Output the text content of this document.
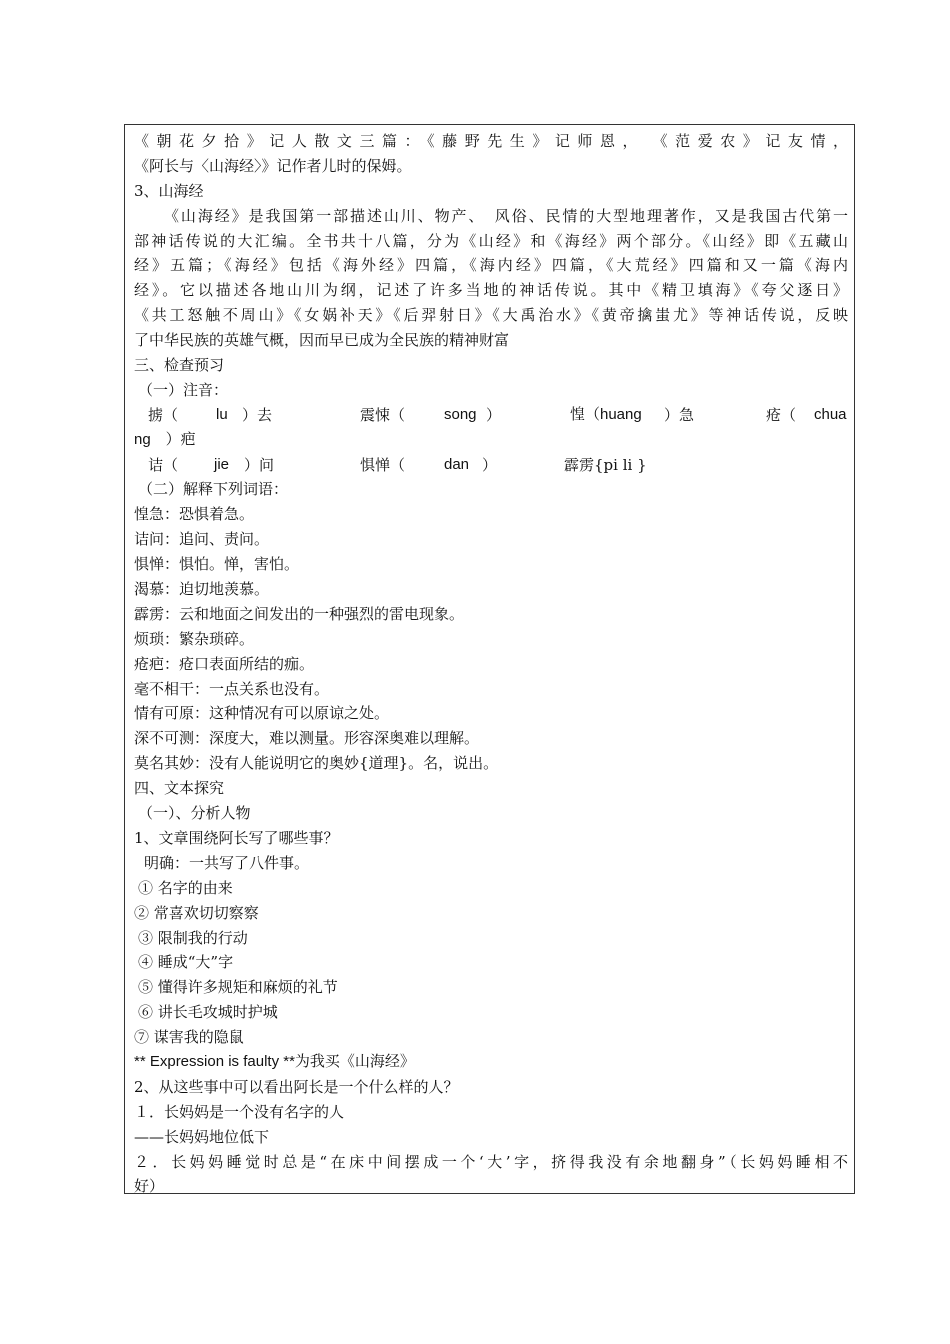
《朝花夕拾》记人散文三篇：《藤野先生》记师恩，　《范爱农》记友情，
《阿长与〈山海经〉》记作者儿时的保姆。
3、山海经
《山海经》是我国第一部描述山川、物产、　风俗、民情的大型地理著作，又是我国古代第一
部神话传说的大汇编。全书共十八篇，分为《山经》和《海经》两个部分。《山经》即《五藏山
经》五篇；《海经》包括《海外经》四篇，《海内经》四篇，《大荒经》四篇和又一篇《海内
经》。它以描述各地山川为纲，记述了许多当地的神话传说。其中《精卫填海》《夸父逐日》
《共工怒触不周山》《女娲补天》《后羿射日》《大禹治水》《黄帝擒蚩尤》等神话传说，反映
了中华民族的英雄气概，因而早已成为全民族的精神财富
三、检查预习
（一）注音：
掳（	lu ）去	震悚（	song ）	惶（huang ）急	疮（ chua
ng　）疤
诘（ jie ）问	惧惮（	dan ）	霹雳{pi li }
（二）解释下列词语：
惶急：恐惧着急。
诘问：追问、责问。
惧惮：惧怕。惮，害怕。
渴慕：迫切地羡慕。
霹雳：云和地面之间发出的一种强烈的雷电现象。
烦琐：繁杂琐碎。
疮疤：疮口表面所结的痂。
毫不相干：一点关系也没有。
情有可原：这种情况有可以原谅之处。
深不可测：深度大，难以测量。形容深奥难以理解。
莫名其妙：没有人能说明它的奥妙{道理}。名，说出。
四、文本探究
（一）、分析人物
1、文章围绕阿长写了哪些事？
明确：一共写了八件事。
① 名字的由来
② 常喜欢切切察察
③ 限制我的行动
④ 睡成“大”字
⑤ 懂得许多规矩和麻烦的礼节
⑥ 讲长毛攻城时护城
⑦ 谋害我的隐鼠
** Expression is faulty **为我买《山海经》
2、从这些事中可以看出阿长是一个什么样的人？
１．长妈妈是一个没有名字的人
——长妈妈地位低下
２．长妈妈睡觉时总是“在床中间摆成一个‘大’字，挤得我没有余地翻身”（长妈妈睡相不
好）
